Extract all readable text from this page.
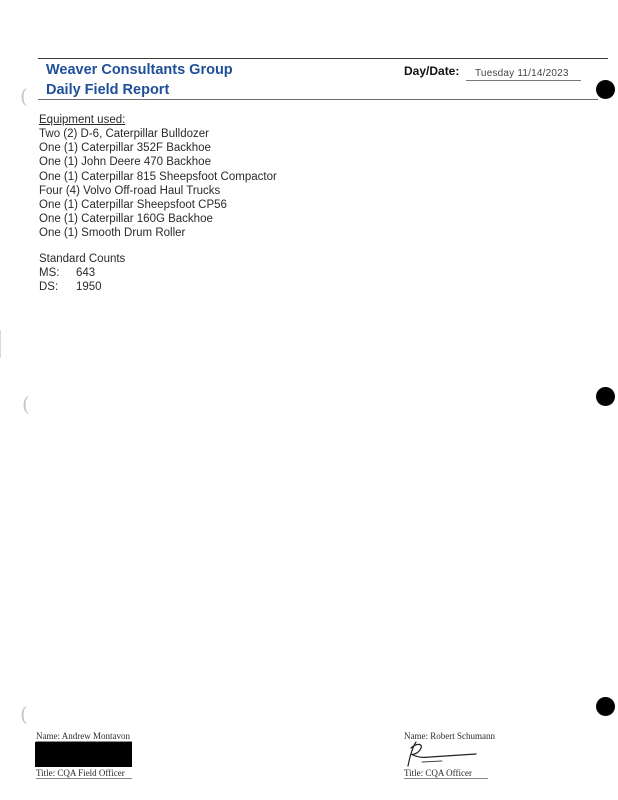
Weaver Consultants Group
Daily Field Report
Day/Date: Tuesday 11/14/2023
Equipment used:
Two (2) D-6, Caterpillar Bulldozer
One (1) Caterpillar 352F Backhoe
One (1) John Deere 470 Backhoe
One (1) Caterpillar 815 Sheepsfoot Compactor
Four (4) Volvo Off-road Haul Trucks
One (1) Caterpillar Sheepsfoot CP56
One (1) Caterpillar 160G Backhoe
One (1) Smooth Drum Roller
Standard Counts
MS: 643
DS: 1950
(
(
(
Name: Andrew Montavon
Title: CQA Field Officer
Name: Robert Schumann
Title: CQA Officer
